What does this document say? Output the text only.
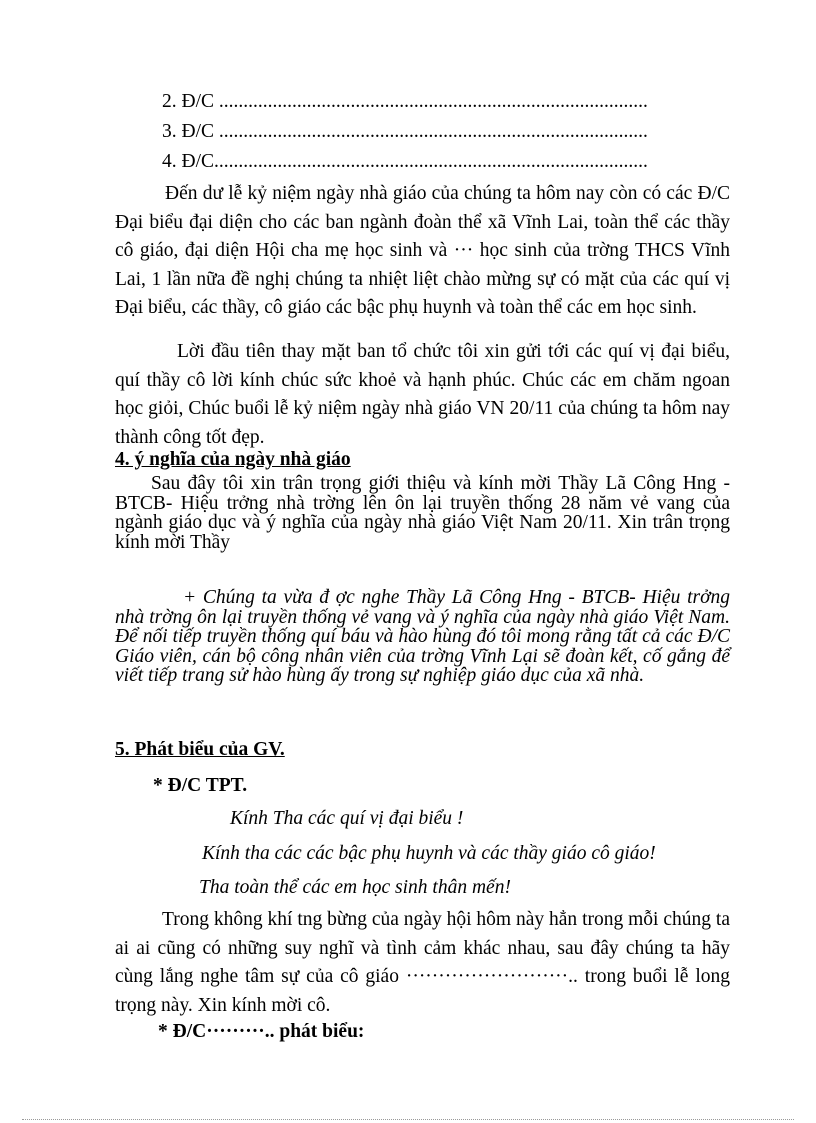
2. Đ/C ........................................................................................
3. Đ/C ........................................................................................
4. Đ/C.........................................................................................
Đến dư lễ kỷ niệm ngày nhà giáo của chúng ta hôm nay còn có các Đ/C Đại biểu đại diện cho các ban ngành đoàn thể xã Vĩnh Lai, toàn thể các thầy cô giáo, đại diện Hội cha mẹ học sinh và ··· học sinh của trờng THCS Vĩnh Lai, 1 lần nữa đề nghị chúng ta nhiệt liệt chào mừng sự có mặt của các quí vị Đại biểu, các thầy, cô giáo các bậc phụ huynh và toàn thể các em học sinh.
Lời đầu tiên thay mặt ban tổ chức tôi xin gửi tới các quí vị đại biểu, quí thầy cô lời kính chúc sức khoẻ và hạnh phúc. Chúc các em chăm ngoan học giỏi, Chúc buổi lễ kỷ niệm ngày nhà giáo VN 20/11 của chúng ta hôm nay thành công tốt đẹp.
4. ý nghĩa của ngày nhà giáo
Sau đây tôi xin trân trọng giới thiệu và kính mời Thầy Lã Công Hng - BTCB- Hiệu trởng nhà trờng lên ôn lại truyền thống 28 năm vẻ vang của ngành giáo dục và ý nghĩa của ngày nhà giáo Việt Nam 20/11. Xin trân trọng kính mời Thầy
+ Chúng ta vừa đ ợc nghe Thầy Lã Công Hng - BTCB- Hiệu trởng nhà trờng ôn lại truyền thống vẻ vang và ý nghĩa của ngày nhà giáo Việt Nam. Để nối tiếp truyền thống quí báu và hào hùng đó tôi mong rằng tất cả các Đ/C Giáo viên, cán bộ công nhân viên của trờng Vĩnh Lại sẽ đoàn kết, cố gắng để viết tiếp trang sử hào hùng ấy trong sự nghiệp giáo dục của xã nhà.
5. Phát biểu của GV.
* Đ/C TPT.
Kính Tha các quí vị đại biểu !
Kính tha các các bậc phụ huynh và các thầy giáo cô giáo!
Tha toàn thể các em học sinh thân mến!
Trong không khí tng bừng của ngày hội hôm này hẳn trong mỗi chúng ta ai ai cũng có những suy nghĩ và tình cảm khác nhau, sau đây chúng ta hãy cùng lắng nghe tâm sự của cô giáo ·························.. trong buổi lễ long trọng này. Xin kính mời cô.
* Đ/C·········.. phát biểu:
